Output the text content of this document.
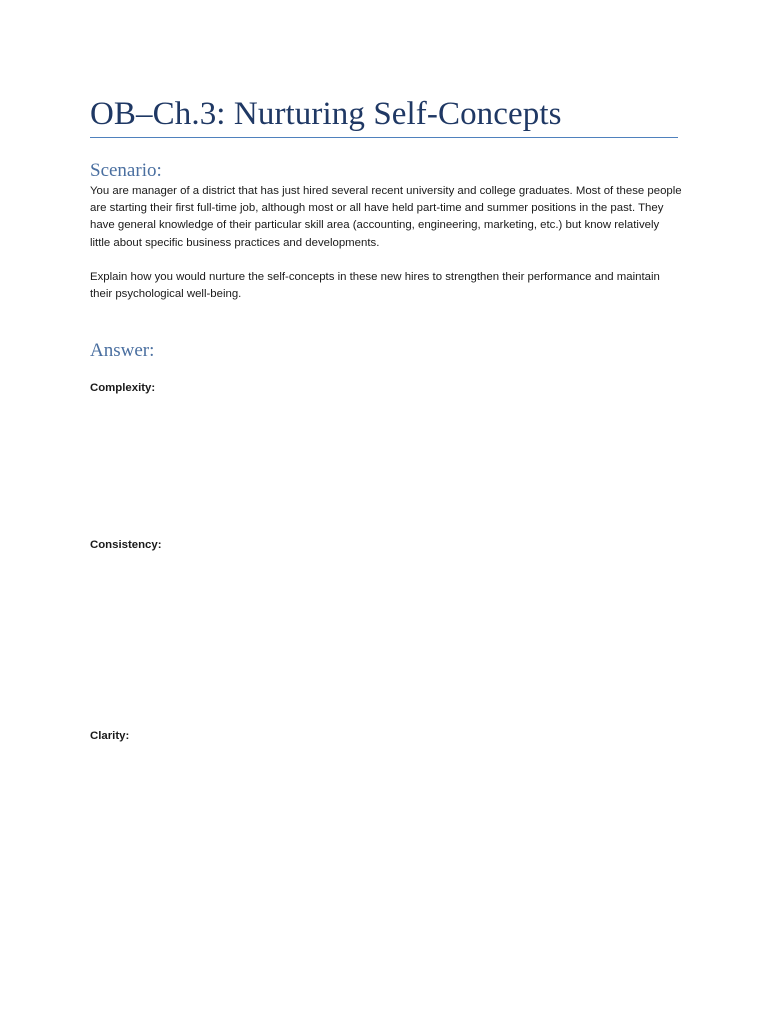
OB–Ch.3: Nurturing Self-Concepts
Scenario:

You are manager of a district that has just hired several recent university and college graduates. Most of these people are starting their first full-time job, although most or all have held part-time and summer positions in the past. They have general knowledge of their particular skill area (accounting, engineering, marketing, etc.) but know relatively little about specific business practices and developments.

Explain how you would nurture the self-concepts in these new hires to strengthen their performance and maintain their psychological well-being.

Answer:
Complexity:
Consistency:
Clarity:
